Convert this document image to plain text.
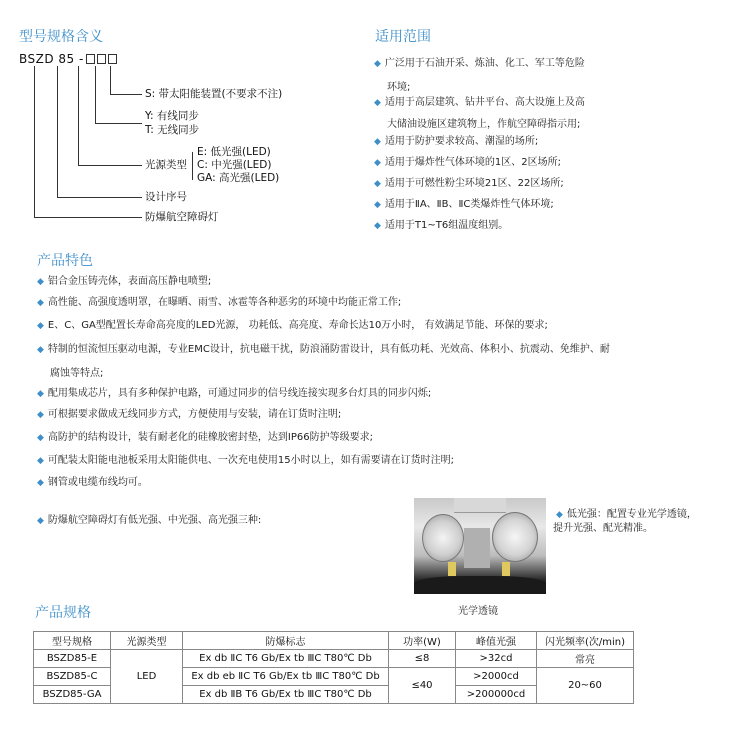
型号规格含义
BSZD 85 -
S: 带太阳能装置(不要求不注)
Y: 有线同步
T: 无线同步
光源类型
E: 低光强(LED)
C: 中光强(LED)
GA: 高光强(LED)
设计序号
防爆航空障碍灯
适用范围
◆ 广泛用于石油开采、炼油、化工、军工等危险
环境;
◆ 适用于高层建筑、钻井平台、高大设施上及高
大储油设施区建筑物上，作航空障碍指示用;
◆ 适用于防护要求较高、潮湿的场所;
◆ 适用于爆炸性气体环境的1区、2区场所;
◆ 适用于可燃性粉尘环境21区、22区场所;
◆ 适用于ⅡA、ⅡB、ⅡC类爆炸性气体环境;
◆ 适用于T1~T6组温度组别。
产品特色
◆ 铝合金压铸壳体，表面高压静电喷塑;
◆ 高性能、高强度透明罩，在曝晒、雨雪、冰雹等各种恶劣的环境中均能正常工作;
◆ E、C、GA型配置长寿命高亮度的LED光源， 功耗低、高亮度、寿命长达10万小时， 有效满足节能、环保的要求;
◆ 特制的恒流恒压驱动电源，专业EMC设计，抗电磁干扰，防浪涌防雷设计，具有低功耗、光效高、体积小、抗震动、免维护、耐
腐蚀等特点;
◆ 配用集成芯片，具有多种保护电路，可通过同步的信号线连接实现多台灯具的同步闪烁;
◆ 可根据要求做成无线同步方式，方便使用与安装，请在订货时注明;
◆ 高防护的结构设计，装有耐老化的硅橡胶密封垫，达到IP66防护等级要求;
◆ 可配装太阳能电池板采用太阳能供电、一次充电使用15小时以上，如有需要请在订货时注明;
◆ 钢管或电缆布线均可。
◆ 防爆航空障碍灯有低光强、中光强、高光强三种:	◆ 低光强：配置专业光学透镜，
提升光强、配光精准。
光学透镜
产品规格
型号规格	光源类型	防爆标志	功率(W)	峰值光强	闪光频率(次/min)
BSZD85-E	LED	Ex db ⅡC T6 Gb/Ex tb ⅢC T80℃ Db	≤8	>32cd	常亮
BSZD85-C		Ex db eb ⅡC T6 Gb/Ex tb ⅢC T80℃ Db	≤40	>2000cd	20~60
BSZD85-GA		Ex db ⅡB T6 Gb/Ex tb ⅢC T80℃ Db		>200000cd	
